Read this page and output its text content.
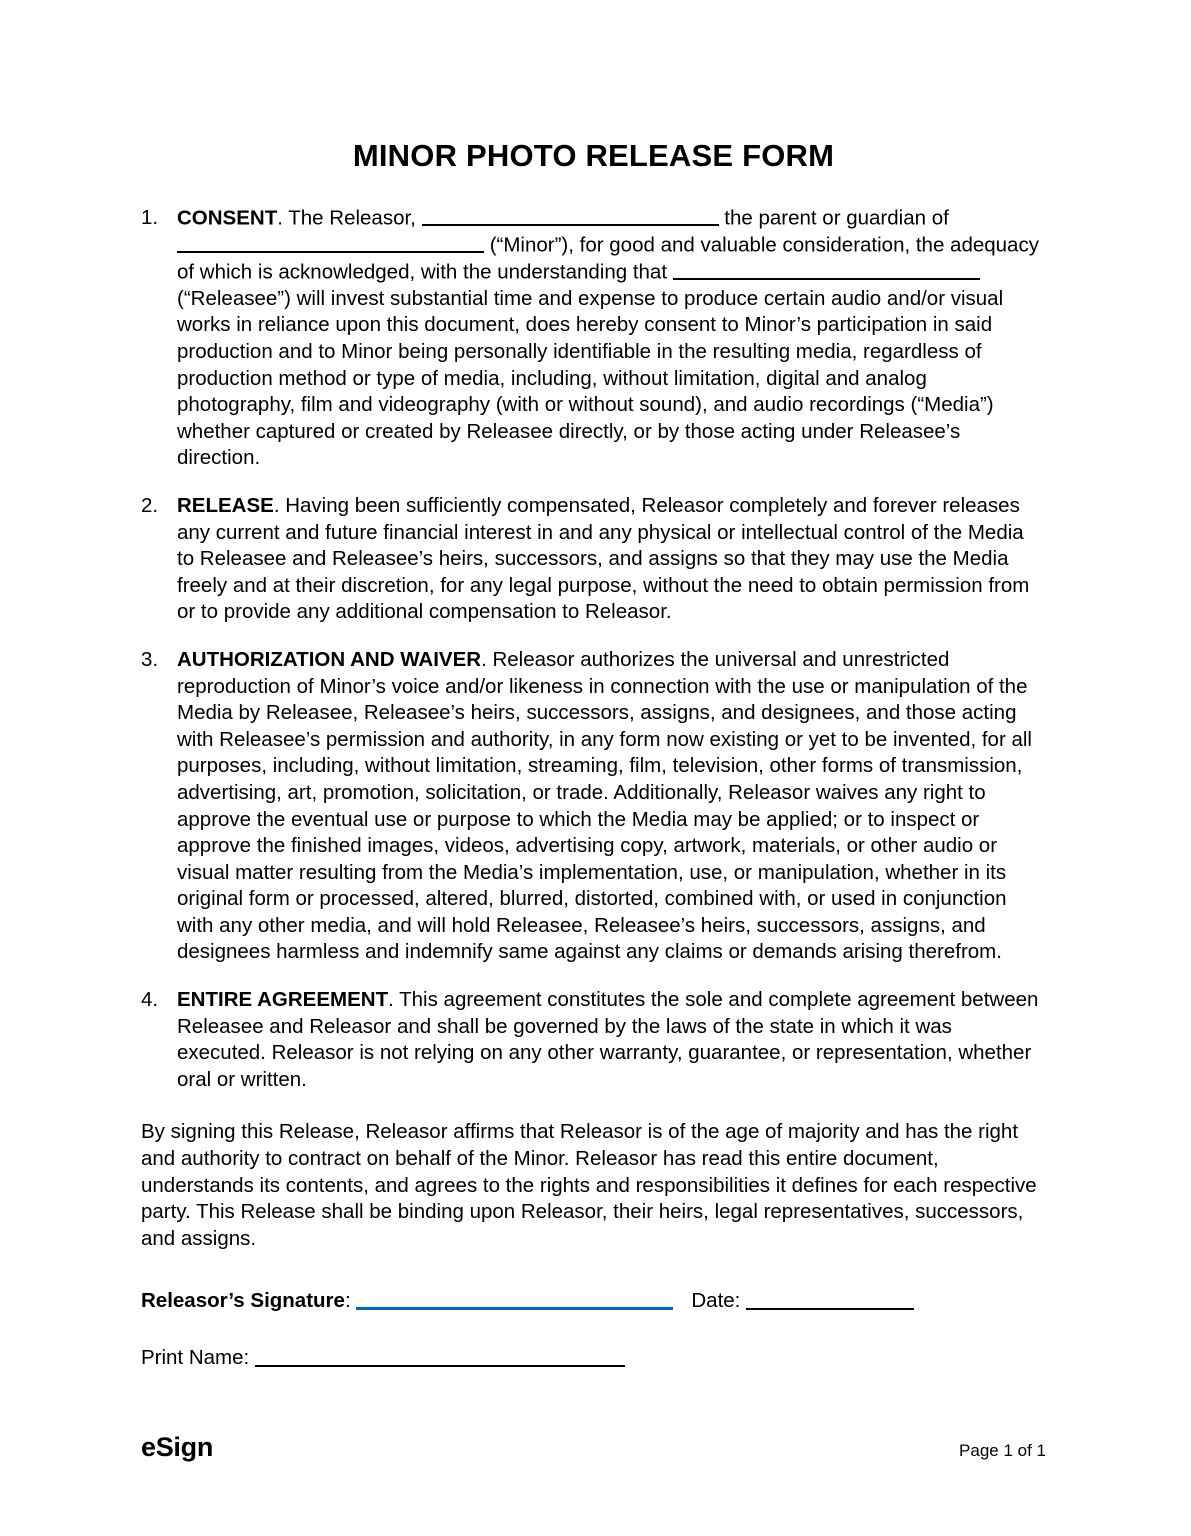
MINOR PHOTO RELEASE FORM
1. CONSENT. The Releasor,	the parent or guardian of  (“Minor”), for good and valuable consideration, the adequacy of which is acknowledged, with the understanding that  (“Releasee”) will invest substantial time and expense to produce certain audio and/or visual works in reliance upon this document, does hereby consent to Minor’s participation in said production and to Minor being personally identifiable in the resulting media, regardless of production method or type of media, including, without limitation, digital and analog photography, film and videography (with or without sound), and audio recordings (“Media”) whether captured or created by Releasee directly, or by those acting under Releasee’s direction.
2. RELEASE. Having been sufficiently compensated, Releasor completely and forever releases any current and future financial interest in and any physical or intellectual control of the Media to Releasee and Releasee’s heirs, successors, and assigns so that they may use the Media freely and at their discretion, for any legal purpose, without the need to obtain permission from or to provide any additional compensation to Releasor.
3. AUTHORIZATION AND WAIVER. Releasor authorizes the universal and unrestricted reproduction of Minor’s voice and/or likeness in connection with the use or manipulation of the Media by Releasee, Releasee’s heirs, successors, assigns, and designees, and those acting with Releasee’s permission and authority, in any form now existing or yet to be invented, for all purposes, including, without limitation, streaming, film, television, other forms of transmission, advertising, art, promotion, solicitation, or trade. Additionally, Releasor waives any right to approve the eventual use or purpose to which the Media may be applied; or to inspect or approve the finished images, videos, advertising copy, artwork, materials, or other audio or visual matter resulting from the Media’s implementation, use, or manipulation, whether in its original form or processed, altered, blurred, distorted, combined with, or used in conjunction with any other media, and will hold Releasee, Releasee’s heirs, successors, assigns, and designees harmless and indemnify same against any claims or demands arising therefrom.
4. ENTIRE AGREEMENT. This agreement constitutes the sole and complete agreement between Releasee and Releasor and shall be governed by the laws of the state in which it was executed. Releasor is not relying on any other warranty, guarantee, or representation, whether oral or written.

By signing this Release, Releasor affirms that Releasor is of the age of majority and has the right and authority to contract on behalf of the Minor. Releasor has read this entire document, understands its contents, and agrees to the rights and responsibilities it defines for each respective party. This Release shall be binding upon Releasor, their heirs, legal representatives, successors, and assigns.

Releasor’s Signature:	Date:
Print Name:
eSign	Page 1 of 1
